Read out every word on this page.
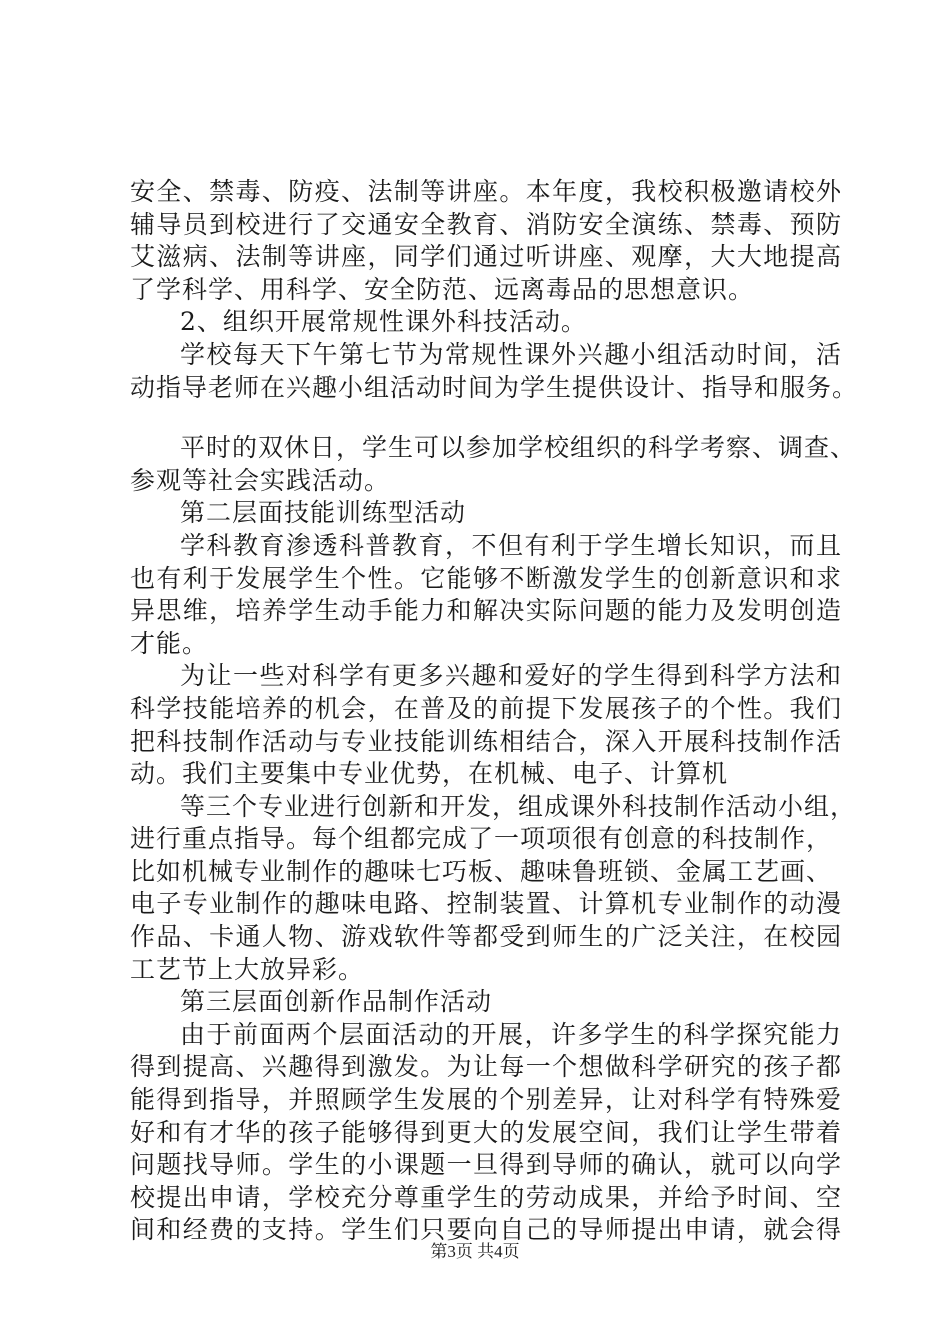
安全、禁毒、防疫、法制等讲座。本年度，我校积极邀请校外
辅导员到校进行了交通安全教育、消防安全演练、禁毒、预防
艾滋病、法制等讲座，同学们通过听讲座、观摩，大大地提高
了学科学、用科学、安全防范、远离毒品的思想意识。
2、组织开展常规性课外科技活动。
学校每天下午第七节为常规性课外兴趣小组活动时间，活
动指导老师在兴趣小组活动时间为学生提供设计、指导和服务。
平时的双休日，学生可以参加学校组织的科学考察、调查、
参观等社会实践活动。
第二层面技能训练型活动
学科教育渗透科普教育，不但有利于学生增长知识，而且
也有利于发展学生个性。它能够不断激发学生的创新意识和求
异思维，培养学生动手能力和解决实际问题的能力及发明创造
才能。
为让一些对科学有更多兴趣和爱好的学生得到科学方法和
科学技能培养的机会，在普及的前提下发展孩子的个性。我们
把科技制作活动与专业技能训练相结合，深入开展科技制作活
动。我们主要集中专业优势，在机械、电子、计算机
等三个专业进行创新和开发，组成课外科技制作活动小组，
进行重点指导。每个组都完成了一项项很有创意的科技制作，
比如机械专业制作的趣味七巧板、趣味鲁班锁、金属工艺画、
电子专业制作的趣味电路、控制装置、计算机专业制作的动漫
作品、卡通人物、游戏软件等都受到师生的广泛关注，在校园
工艺节上大放异彩。
第三层面创新作品制作活动
由于前面两个层面活动的开展，许多学生的科学探究能力
得到提高、兴趣得到激发。为让每一个想做科学研究的孩子都
能得到指导，并照顾学生发展的个别差异，让对科学有特殊爱
好和有才华的孩子能够得到更大的发展空间，我们让学生带着
问题找导师。学生的小课题一旦得到导师的确认，就可以向学
校提出申请，学校充分尊重学生的劳动成果，并给予时间、空
间和经费的支持。学生们只要向自己的导师提出申请，就会得
第3页 共4页
